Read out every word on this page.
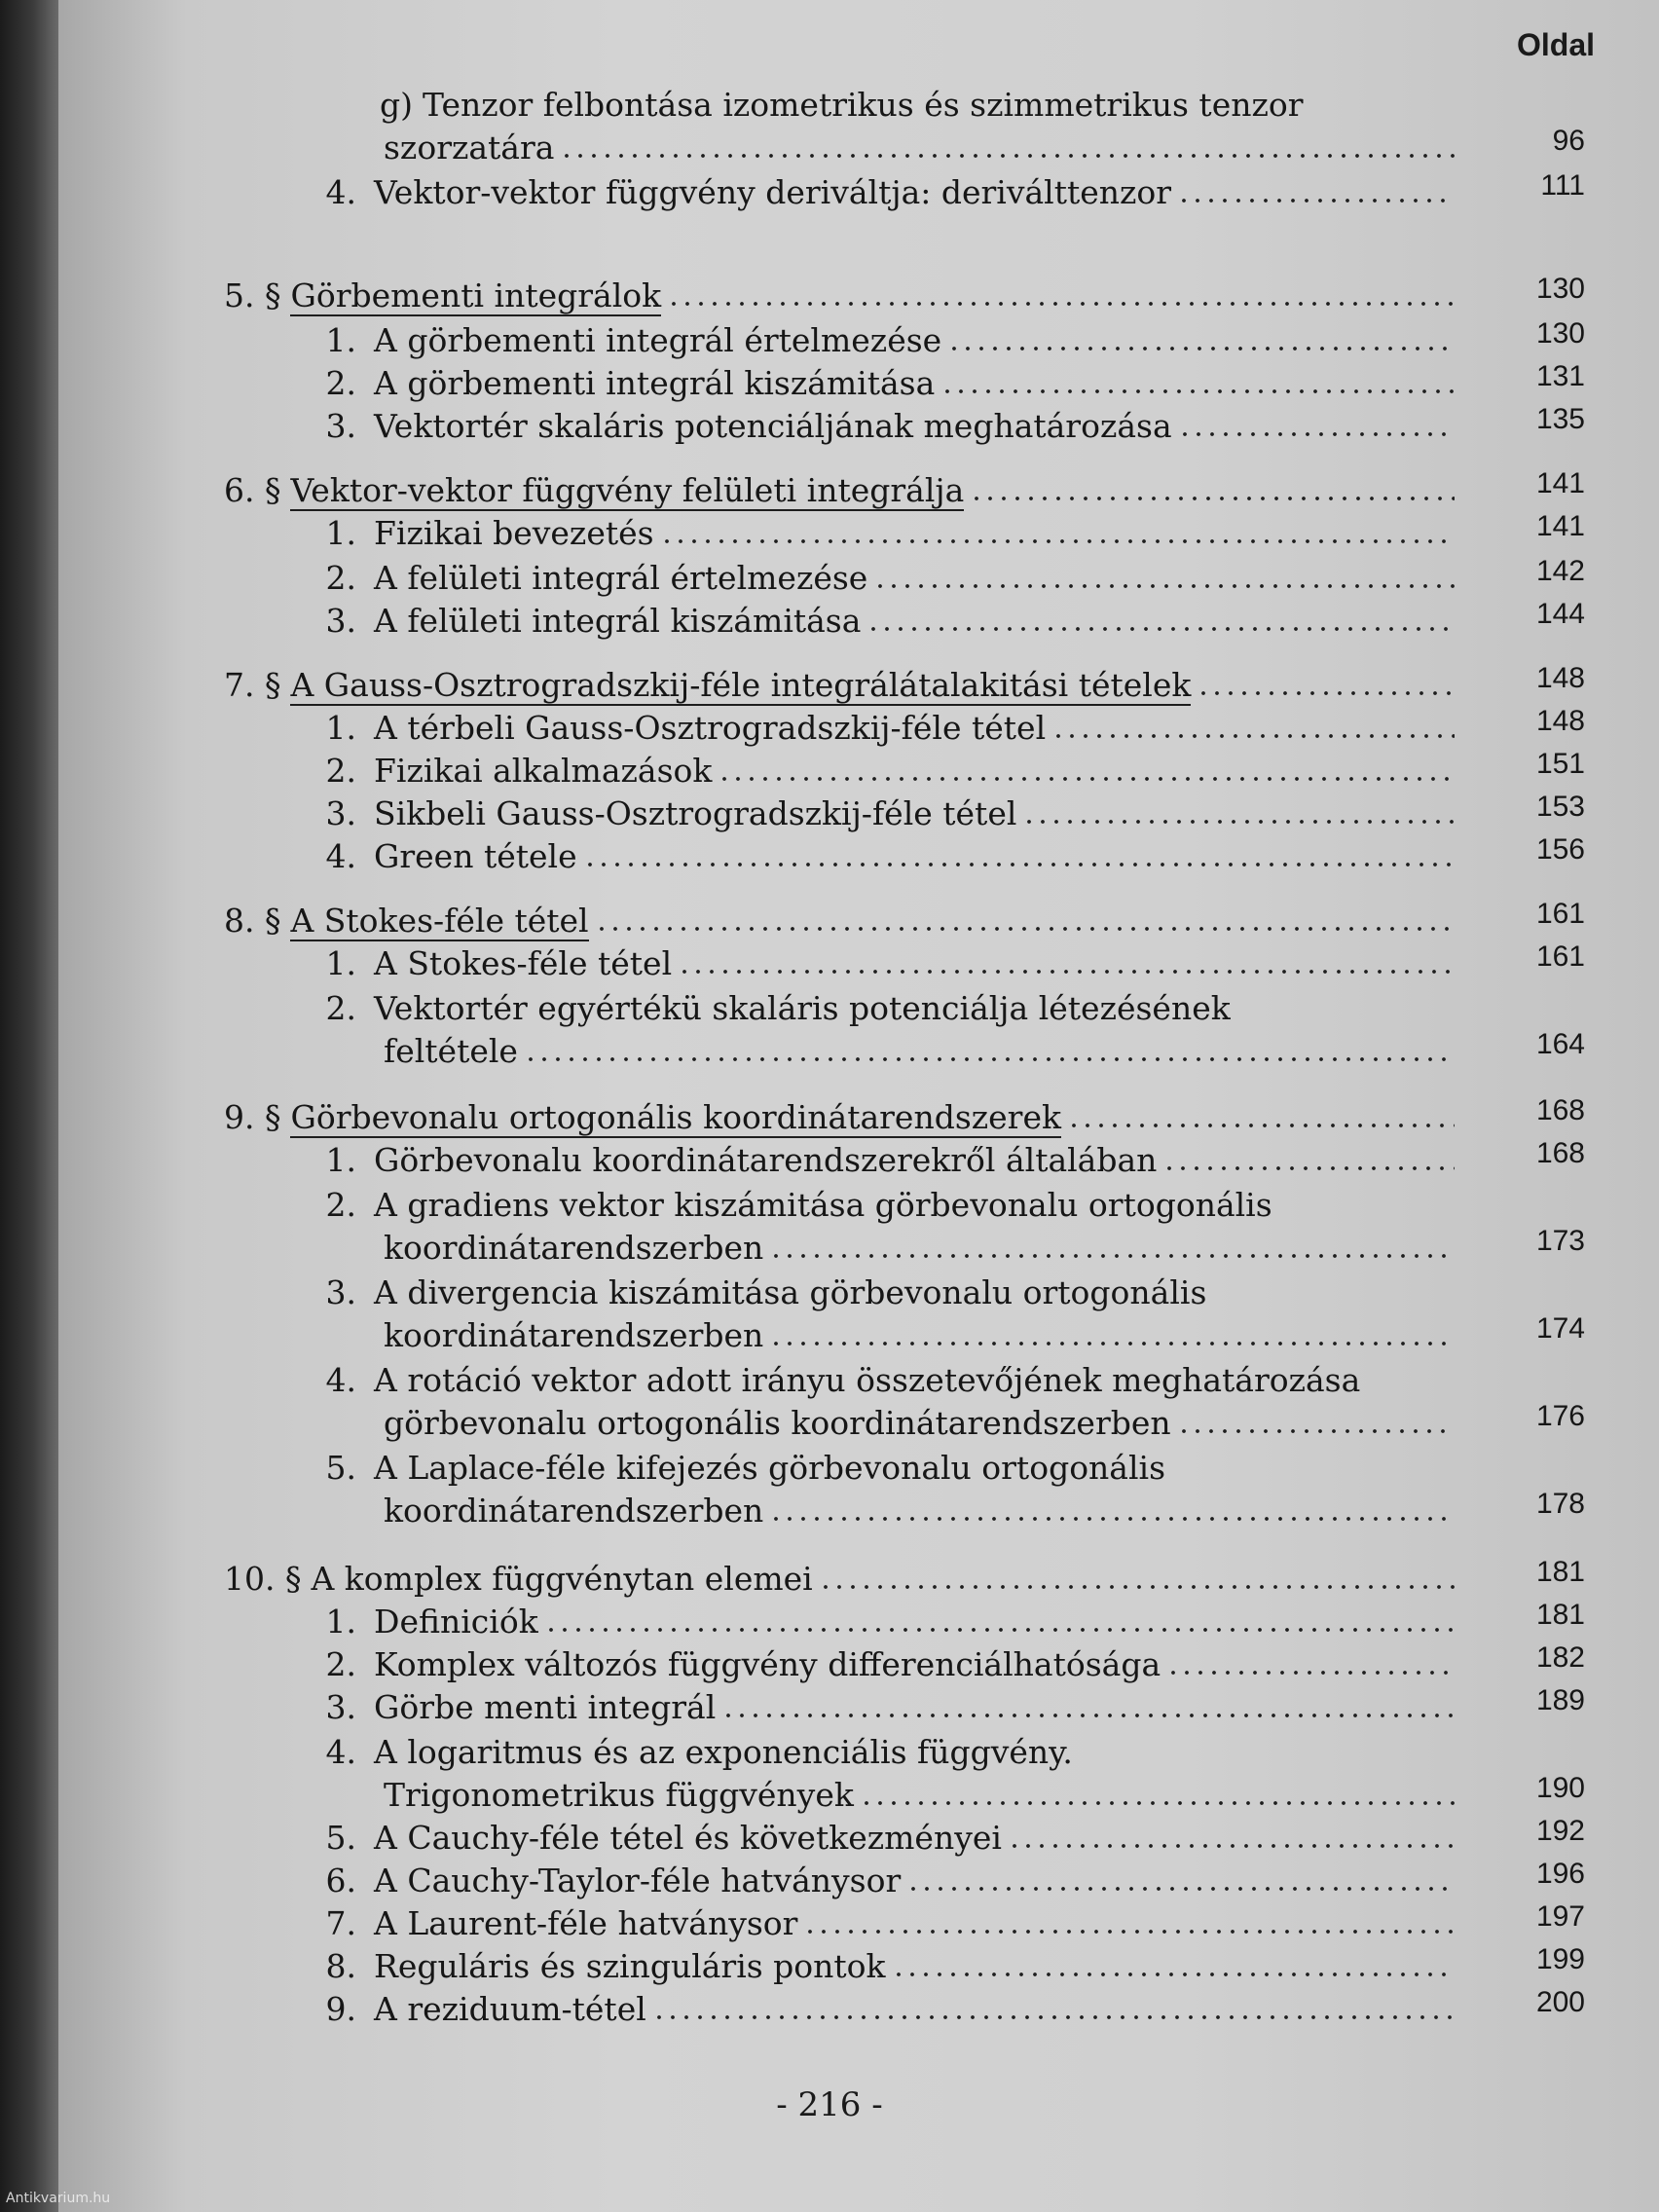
Oldal
g) Tenzor felbontása izometrikus és szimmetrikus tenzor
96
szorzatára
111
4. Vektor-vektor függvény deriváltja: deriválttenzor
130
5. § Görbementi integrálok
130
1. A görbementi integrál értelmezése
131
2. A görbementi integrál kiszámitása
135
3. Vektortér skaláris potenciáljának meghatározása
141
6. § Vektor-vektor függvény felületi integrálja
141
1. Fizikai bevezetés
142
2. A felületi integrál értelmezése
144
3. A felületi integrál kiszámitása
148
7. § A Gauss-Osztrogradszkij-féle integrálátalakitási tételek
148
1. A térbeli Gauss-Osztrogradszkij-féle tétel
151
2. Fizikai alkalmazások
153
3. Sikbeli Gauss-Osztrogradszkij-féle tétel
156
4. Green tétele
161
8. § A Stokes-féle tétel
161
1. A Stokes-féle tétel
2. Vektortér egyértékü skaláris potenciálja létezésének
164
feltétele
168
9. § Görbevonalu ortogonális koordinátarendszerek
168
1. Görbevonalu koordinátarendszerekről általában
2. A gradiens vektor kiszámitása görbevonalu ortogonális
173
koordinátarendszerben
3. A divergencia kiszámitása görbevonalu ortogonális
174
koordinátarendszerben
4. A rotáció vektor adott irányu összetevőjének meghatározása
176
görbevonalu ortogonális koordinátarendszerben
5. A Laplace-féle kifejezés görbevonalu ortogonális
178
koordinátarendszerben
181
10. § A komplex függvénytan elemei
181
1. Definiciók
182
2. Komplex változós függvény differenciálhatósága
189
3. Görbe menti integrál
4. A logaritmus és az exponenciális függvény.
190
Trigonometrikus függvények
192
5. A Cauchy-féle tétel és következményei
196
6. A Cauchy-Taylor-féle hatványsor
197
7. A Laurent-féle hatványsor
199
8. Reguláris és szinguláris pontok
200
9. A reziduum-tétel
- 216 -
Antikvarium.hu
